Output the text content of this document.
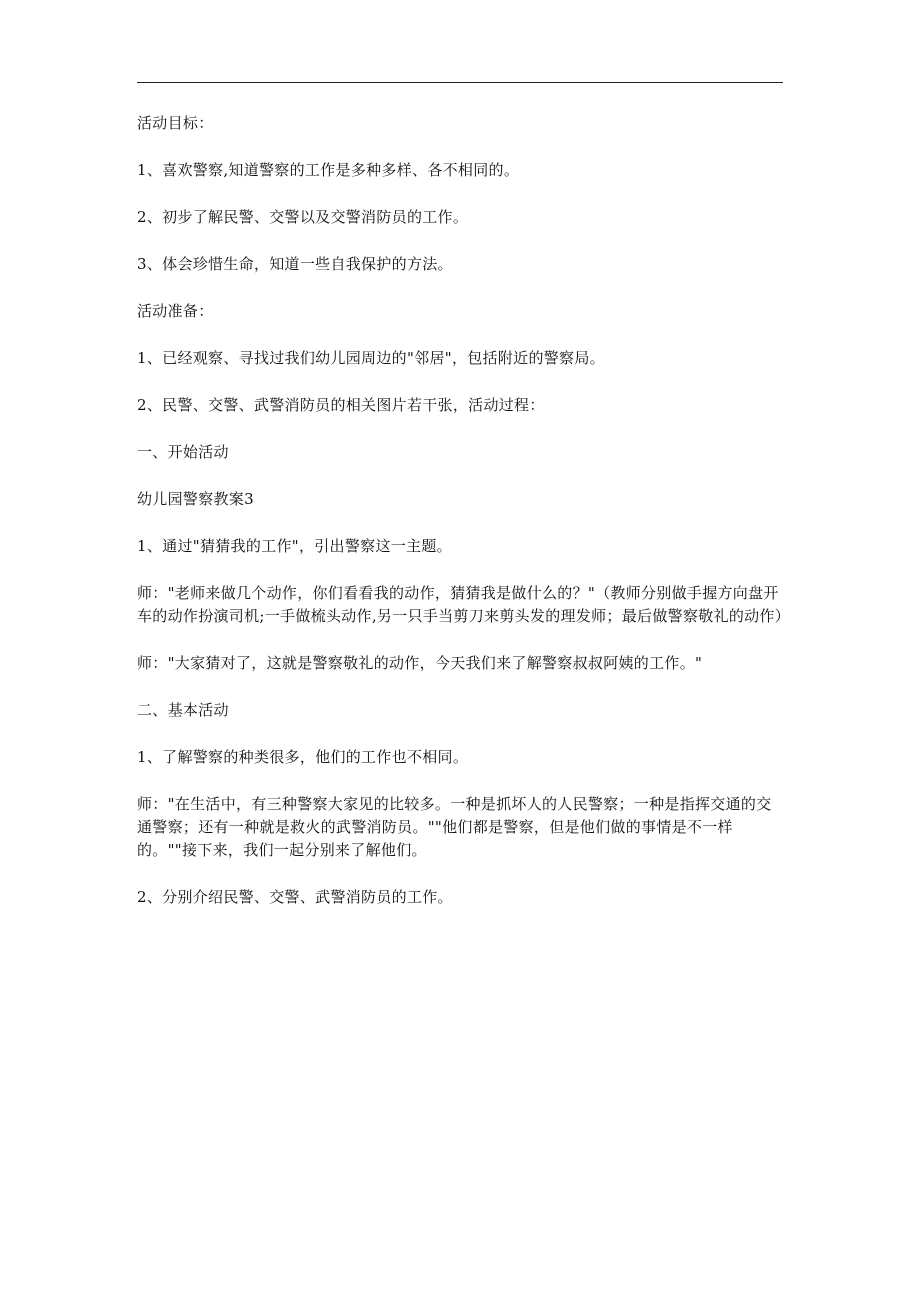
活动目标：

1、喜欢警察,知道警察的工作是多种多样、各不相同的。

2、初步了解民警、交警以及交警消防员的工作。

3、体会珍惜生命，知道一些自我保护的方法。

活动准备：

1、已经观察、寻找过我们幼儿园周边的"邻居"，包括附近的警察局。

2、民警、交警、武警消防员的相关图片若干张，活动过程：

一、开始活动

幼儿园警察教案3

1、通过"猜猜我的工作"，引出警察这一主题。

师："老师来做几个动作，你们看看我的动作，猜猜我是做什么的？"（教师分别做手握方向盘开车的动作扮演司机;一手做梳头动作,另一只手当剪刀来剪头发的理发师；最后做警察敬礼的动作）

师："大家猜对了，这就是警察敬礼的动作，今天我们来了解警察叔叔阿姨的工作。"

二、基本活动

1、了解警察的种类很多，他们的工作也不相同。

师："在生活中，有三种警察大家见的比较多。一种是抓坏人的人民警察；一种是指挥交通的交通警察；还有一种就是救火的武警消防员。""他们都是警察，但是他们做的事情是不一样的。""接下来，我们一起分别来了解他们。

2、分别介绍民警、交警、武警消防员的工作。
